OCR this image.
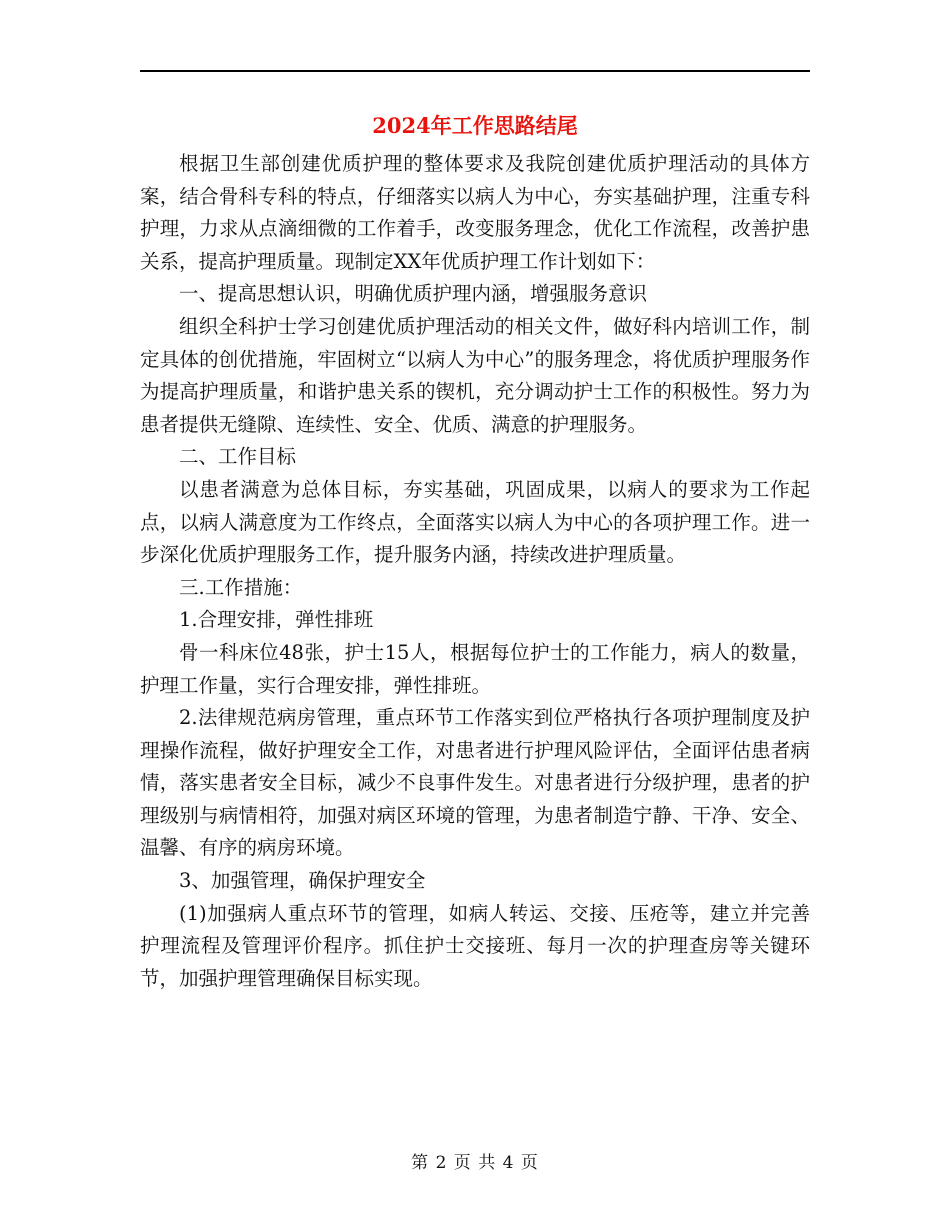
2024年工作思路结尾

根据卫生部创建优质护理的整体要求及我院创建优质护理活动的具体方案，结合骨科专科的特点，仔细落实以病人为中心，夯实基础护理，注重专科护理，力求从点滴细微的工作着手，改变服务理念，优化工作流程，改善护患关系，提高护理质量。现制定XX年优质护理工作计划如下：

一、提高思想认识，明确优质护理内涵，增强服务意识

组织全科护士学习创建优质护理活动的相关文件，做好科内培训工作，制定具体的创优措施，牢固树立“以病人为中心”的服务理念，将优质护理服务作为提高护理质量，和谐护患关系的锲机，充分调动护士工作的积极性。努力为患者提供无缝隙、连续性、安全、优质、满意的护理服务。

二、工作目标

以患者满意为总体目标，夯实基础，巩固成果，以病人的要求为工作起点，以病人满意度为工作终点，全面落实以病人为中心的各项护理工作。进一步深化优质护理服务工作，提升服务内涵，持续改进护理质量。

三.工作措施：

1.合理安排，弹性排班

骨一科床位48张，护士15人，根据每位护士的工作能力，病人的数量，护理工作量，实行合理安排，弹性排班。

2.法律规范病房管理，重点环节工作落实到位严格执行各项护理制度及护理操作流程，做好护理安全工作，对患者进行护理风险评估，全面评估患者病情，落实患者安全目标，减少不良事件发生。对患者进行分级护理，患者的护理级别与病情相符，加强对病区环境的管理，为患者制造宁静、干净、安全、温馨、有序的病房环境。

3、加强管理，确保护理安全

(1)加强病人重点环节的管理，如病人转运、交接、压疮等，建立并完善护理流程及管理评价程序。抓住护士交接班、每月一次的护理查房等关键环节，加强护理管理确保目标实现。

第 2 页 共 4 页
